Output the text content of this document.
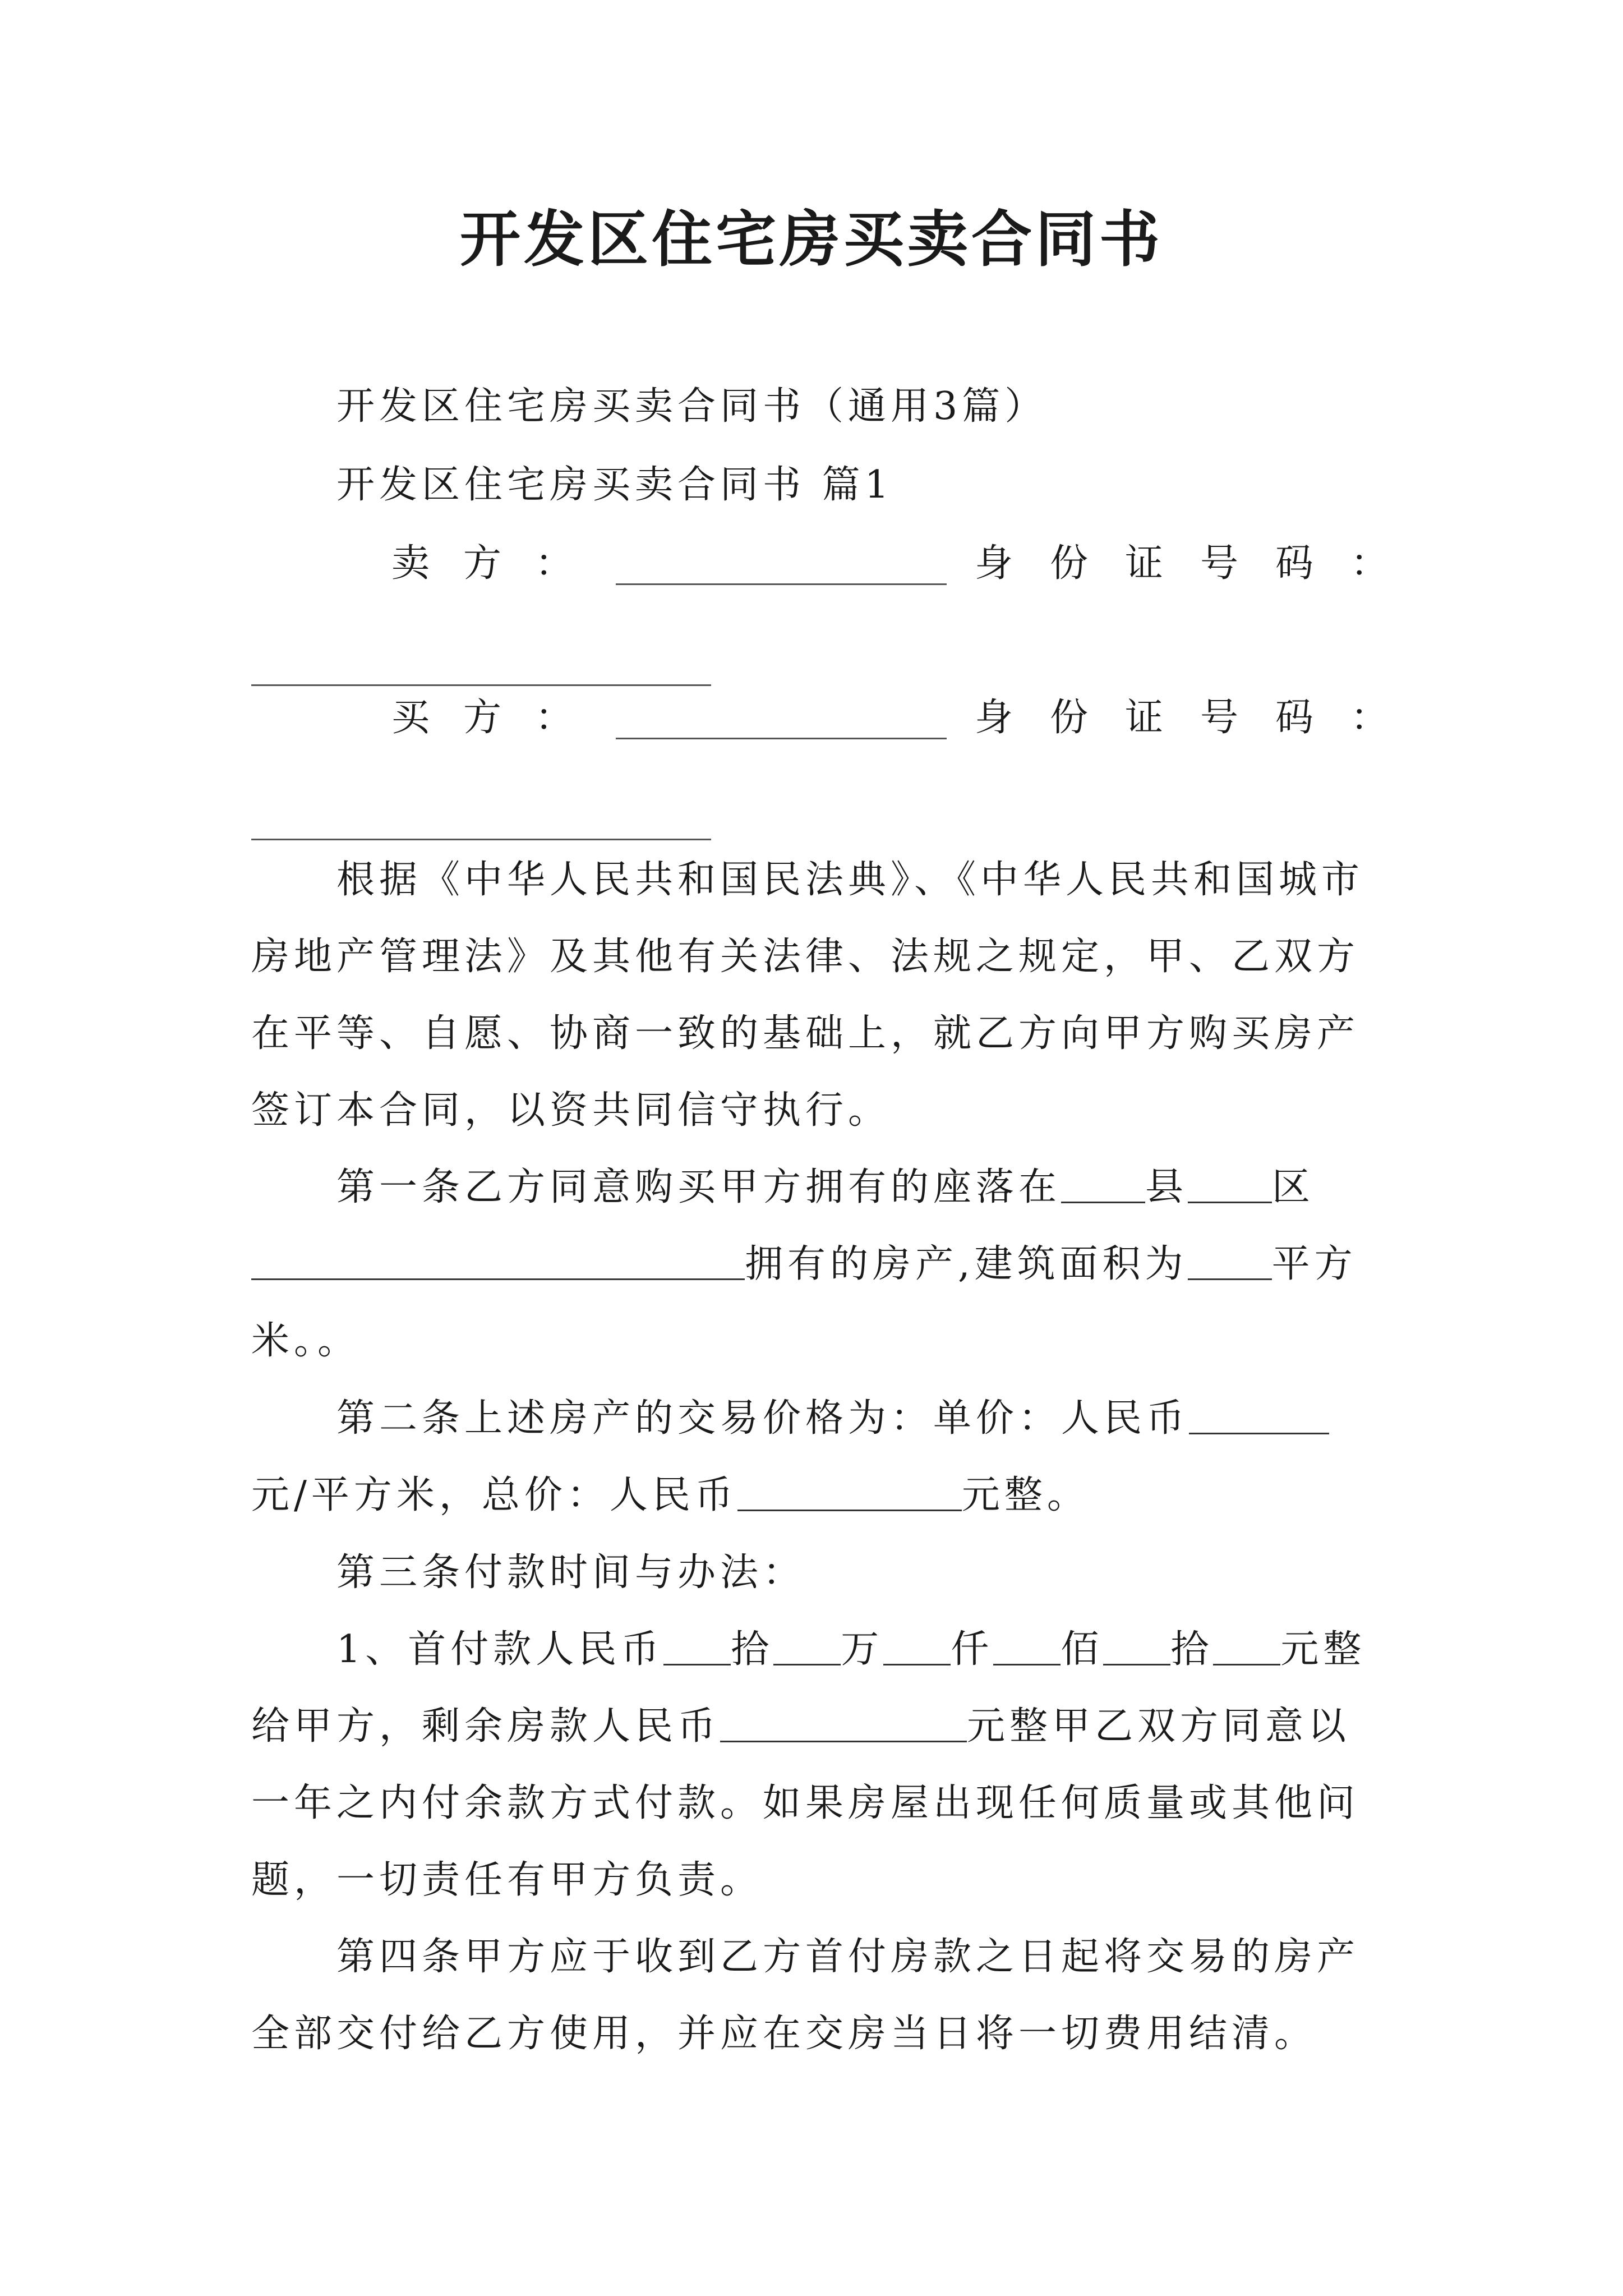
开发区住宅房买卖合同书
开发区住宅房买卖合同书（通用3篇）
开发区住宅房买卖合同书 篇1
卖方：	身份证号码：
买方：	身份证号码：

根据《中华人民共和国民法典》、《中华人民共和国城市房地产管理法》及其他有关法律、法规之规定，甲、乙双方在平等、自愿、协商一致的基础上，就乙方向甲方购买房产签订本合同，以资共同信守执行。

第一条乙方同意购买甲方拥有的座落在 县 区拥有的房产,建筑面积为 平方米。。

第二条上述房产的交易价格为：单价：人民币元/平方米，总价：人民币	元整。

第三条付款时间与办法：

1、首付款人民币 拾 万 仟 佰 拾 元整给甲方，剩余房款人民币	元整甲乙双方同意以一年之内付余款方式付款。如果房屋出现任何质量或其他问题，一切责任有甲方负责。

第四条甲方应于收到乙方首付房款之日起将交易的房产全部交付给乙方使用，并应在交房当日将一切费用结清。
